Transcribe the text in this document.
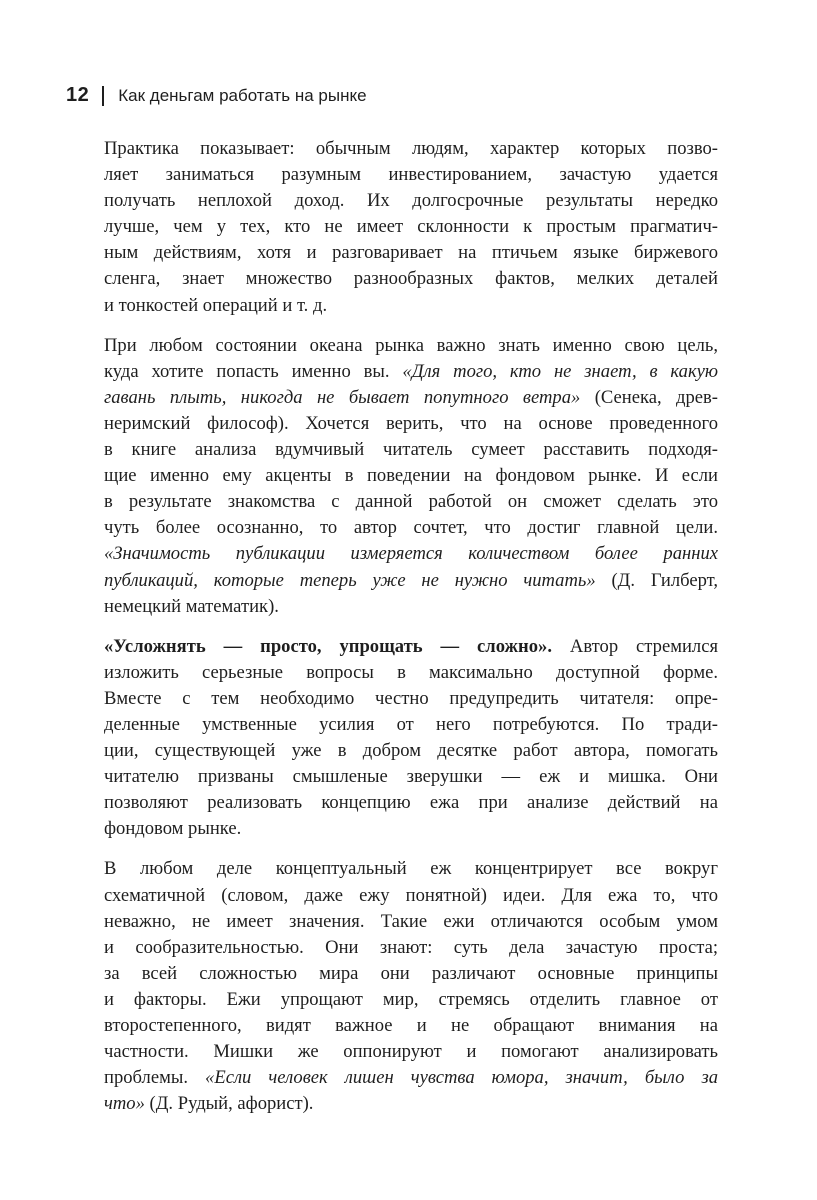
12 Как деньгам работать на рынке

Практика показывает: обычным людям, характер которых позво-
ляет заниматься разумным инвестированием, зачастую удается
получать неплохой доход. Их долгосрочные результаты нередко
лучше, чем у тех, кто не имеет склонности к простым прагматич-
ным действиям, хотя и разговаривает на птичьем языке биржевого
сленга, знает множество разнообразных фактов, мелких деталей
и тонкостей операций и т. д.

При любом состоянии океана рынка важно знать именно свою цель,
куда хотите попасть именно вы. «Для того, кто не знает, в какую
гавань плыть, никогда не бывает попутного ветра» (Сенека, древ-
неримский философ). Хочется верить, что на основе проведенного
в книге анализа вдумчивый читатель сумеет расставить подходя-
щие именно ему акценты в поведении на фондовом рынке. И если
в результате знакомства с данной работой он сможет сделать это
чуть более осознанно, то автор сочтет, что достиг главной цели.
«Значимость публикации измеряется количеством более ранних
публикаций, которые теперь уже не нужно читать» (Д. Гилберт,
немецкий математик).

«Усложнять — просто, упрощать — сложно». Автор стремился
изложить серьезные вопросы в максимально доступной форме.
Вместе с тем необходимо честно предупредить читателя: опре-
деленные умственные усилия от него потребуются. По тради-
ции, существующей уже в добром десятке работ автора, помогать
читателю призваны смышленые зверушки — еж и мишка. Они
позволяют реализовать концепцию ежа при анализе действий на
фондовом рынке.

В любом деле концептуальный еж концентрирует все вокруг
схематичной (словом, даже ежу понятной) идеи. Для ежа то, что
неважно, не имеет значения. Такие ежи отличаются особым умом
и сообразительностью. Они знают: суть дела зачастую проста;
за всей сложностью мира они различают основные принципы
и факторы. Ежи упрощают мир, стремясь отделить главное от
второстепенного, видят важное и не обращают внимания на
частности. Мишки же оппонируют и помогают анализировать
проблемы. «Если человек лишен чувства юмора, значит, было за
что» (Д. Рудый, афорист).
